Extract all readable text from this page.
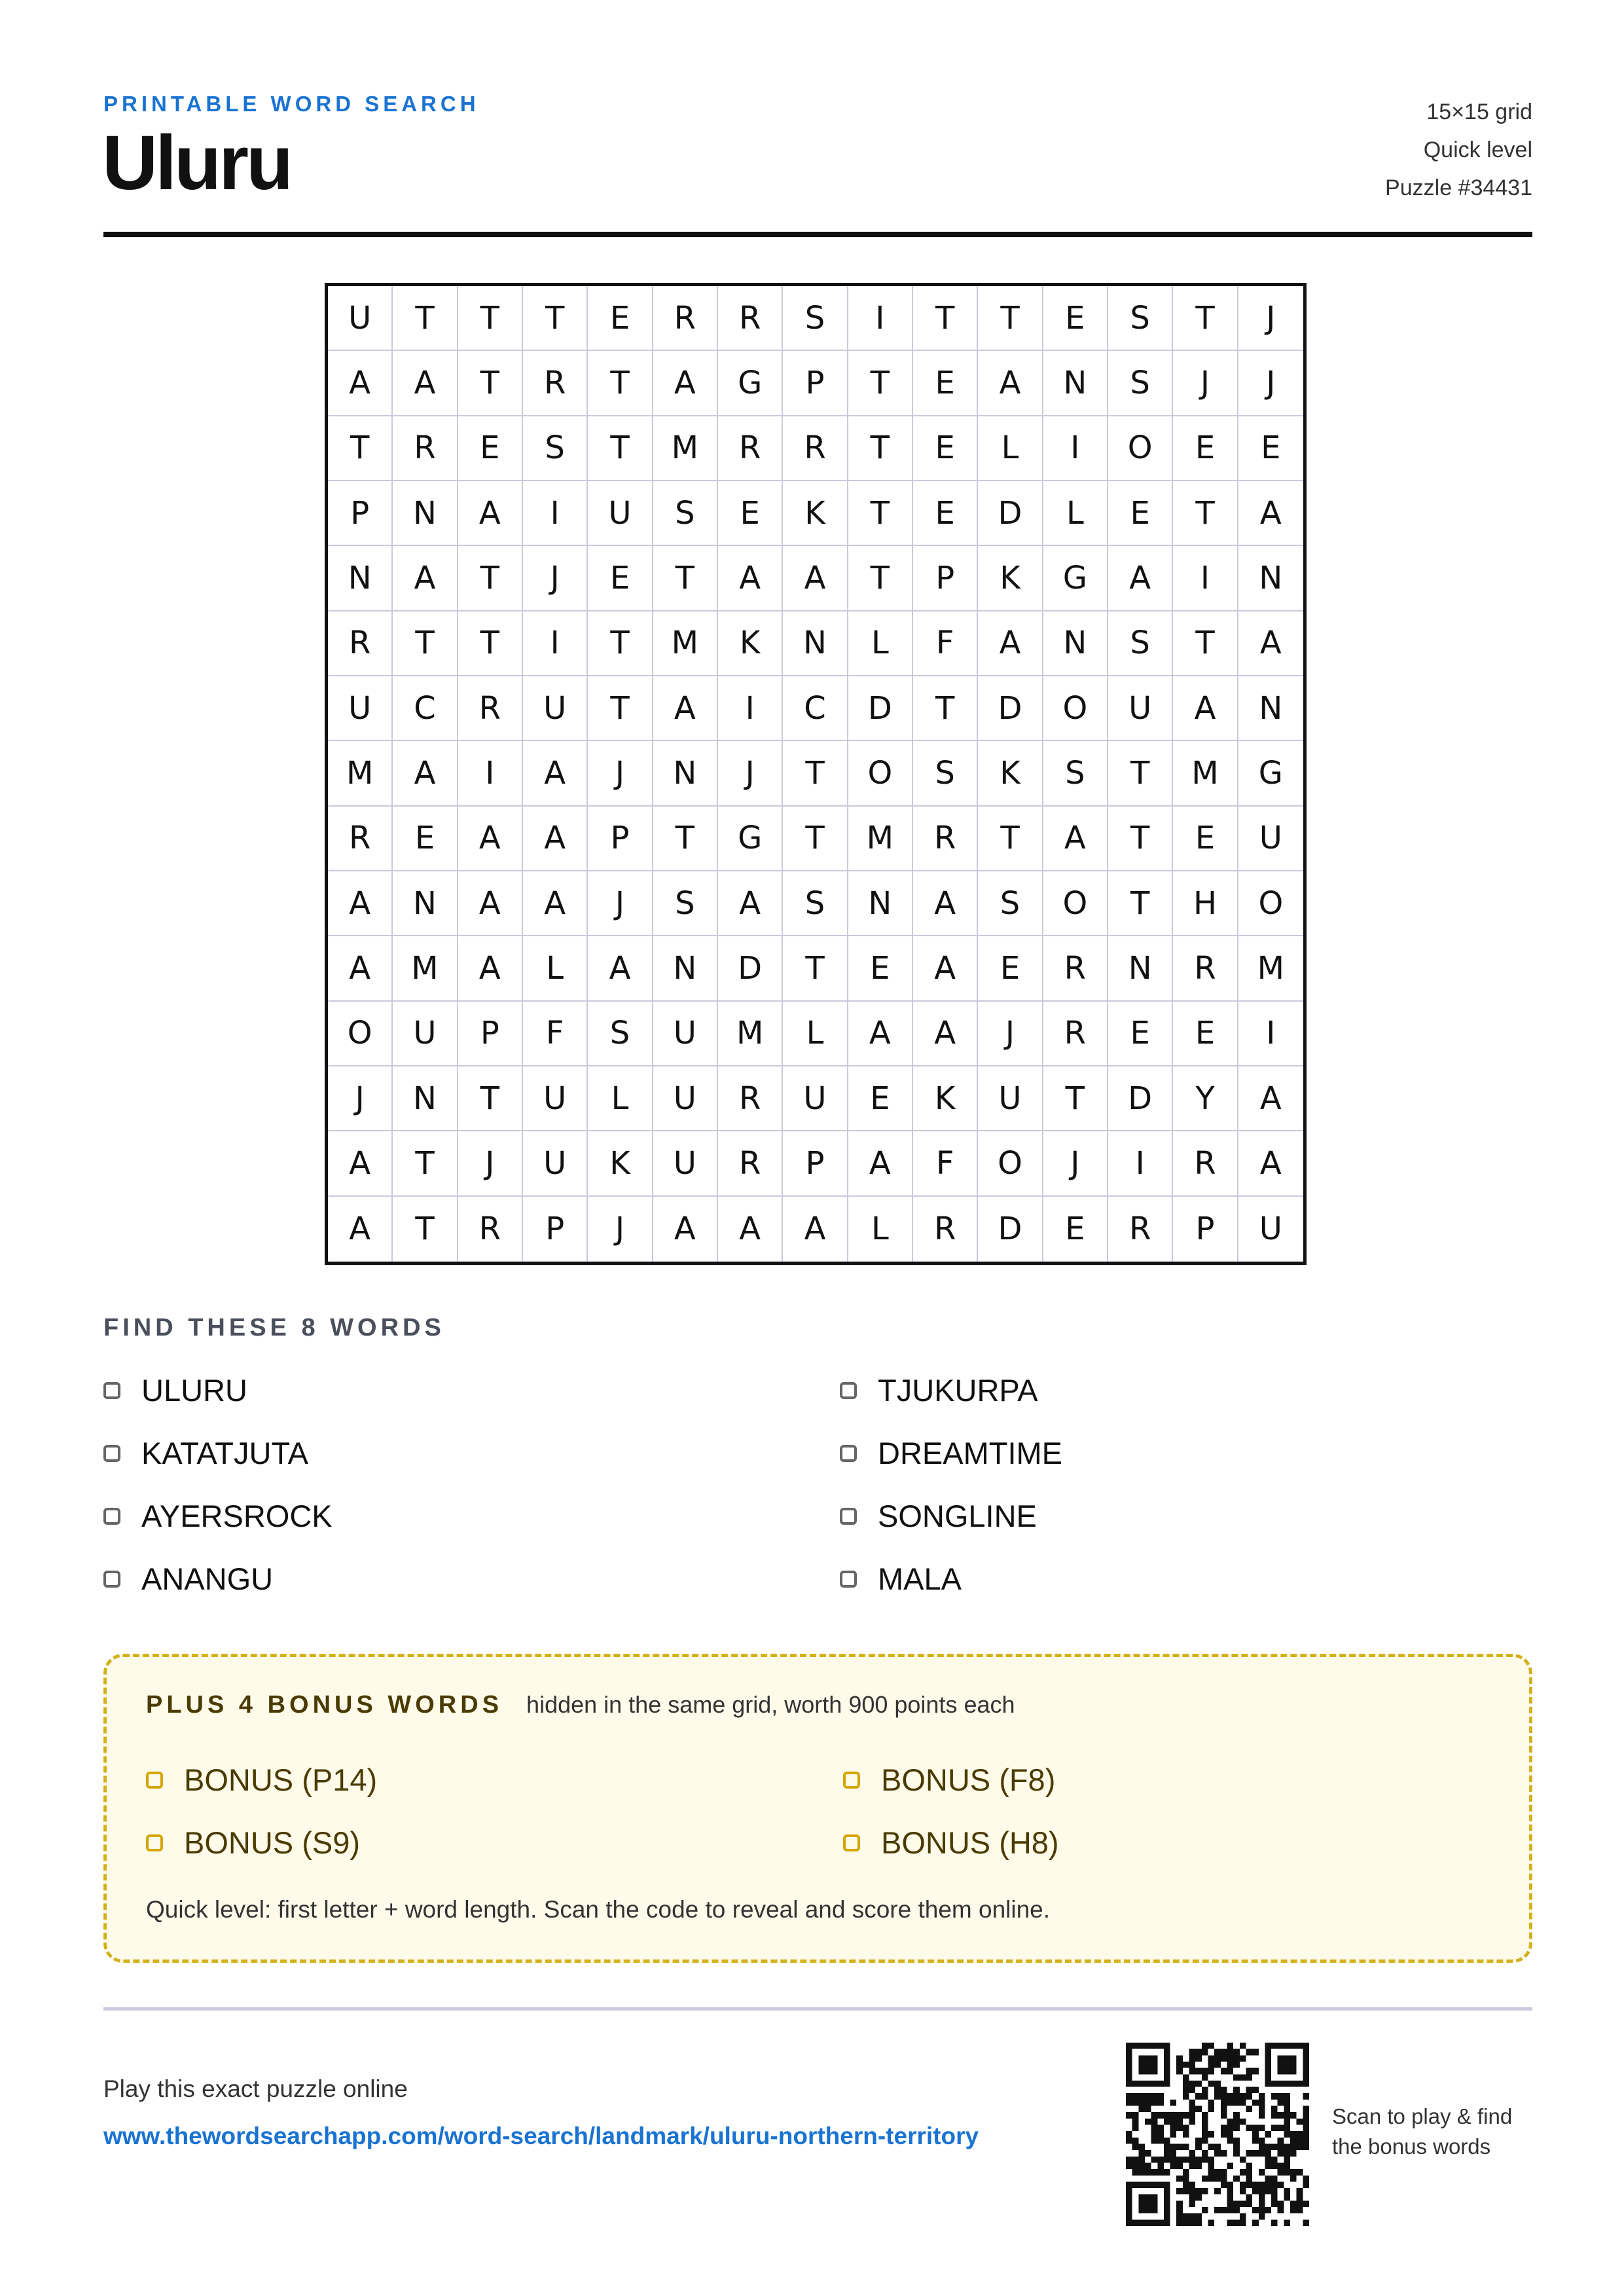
PRINTABLE WORD SEARCH
Uluru
15×15 grid
Quick level
Puzzle #34431
U	T	T	T	E	R	R	S	I	T	T	E	S	T	J
A	A	T	R	T	A	G	P	T	E	A	N	S	J	J
T	R	E	S	T	M	R	R	T	E	L	I	O	E	E
P	N	A	I	U	S	E	K	T	E	D	L	E	T	A
N	A	T	J	E	T	A	A	T	P	K	G	A	I	N
R	T	T	I	T	M	K	N	L	F	A	N	S	T	A
U	C	R	U	T	A	I	C	D	T	D	O	U	A	N
M	A	I	A	J	N	J	T	O	S	K	S	T	M	G
R	E	A	A	P	T	G	T	M	R	T	A	T	E	U
A	N	A	A	J	S	A	S	N	A	S	O	T	H	O
A	M	A	L	A	N	D	T	E	A	E	R	N	R	M
O	U	P	F	S	U	M	L	A	A	J	R	E	E	I
J	N	T	U	L	U	R	U	E	K	U	T	D	Y	A
A	T	J	U	K	U	R	P	A	F	O	J	I	R	A
A	T	R	P	J	A	A	A	L	R	D	E	R	P	U
FIND THESE 8 WORDS
ULURU	TJUKURPA
KATATJUTA	DREAMTIME
AYERSROCK	SONGLINE
ANANGU	MALA
PLUS 4 BONUS WORDS hidden in the same grid, worth 900 points each
BONUS (P14)	BONUS (F8)
BONUS (S9)	BONUS (H8)
Quick level: first letter + word length. Scan the code to reveal and score them online.
Play this exact puzzle online
www.thewordsearchapp.com/word-search/landmark/uluru-northern-territory
Scan to play & find the bonus words
